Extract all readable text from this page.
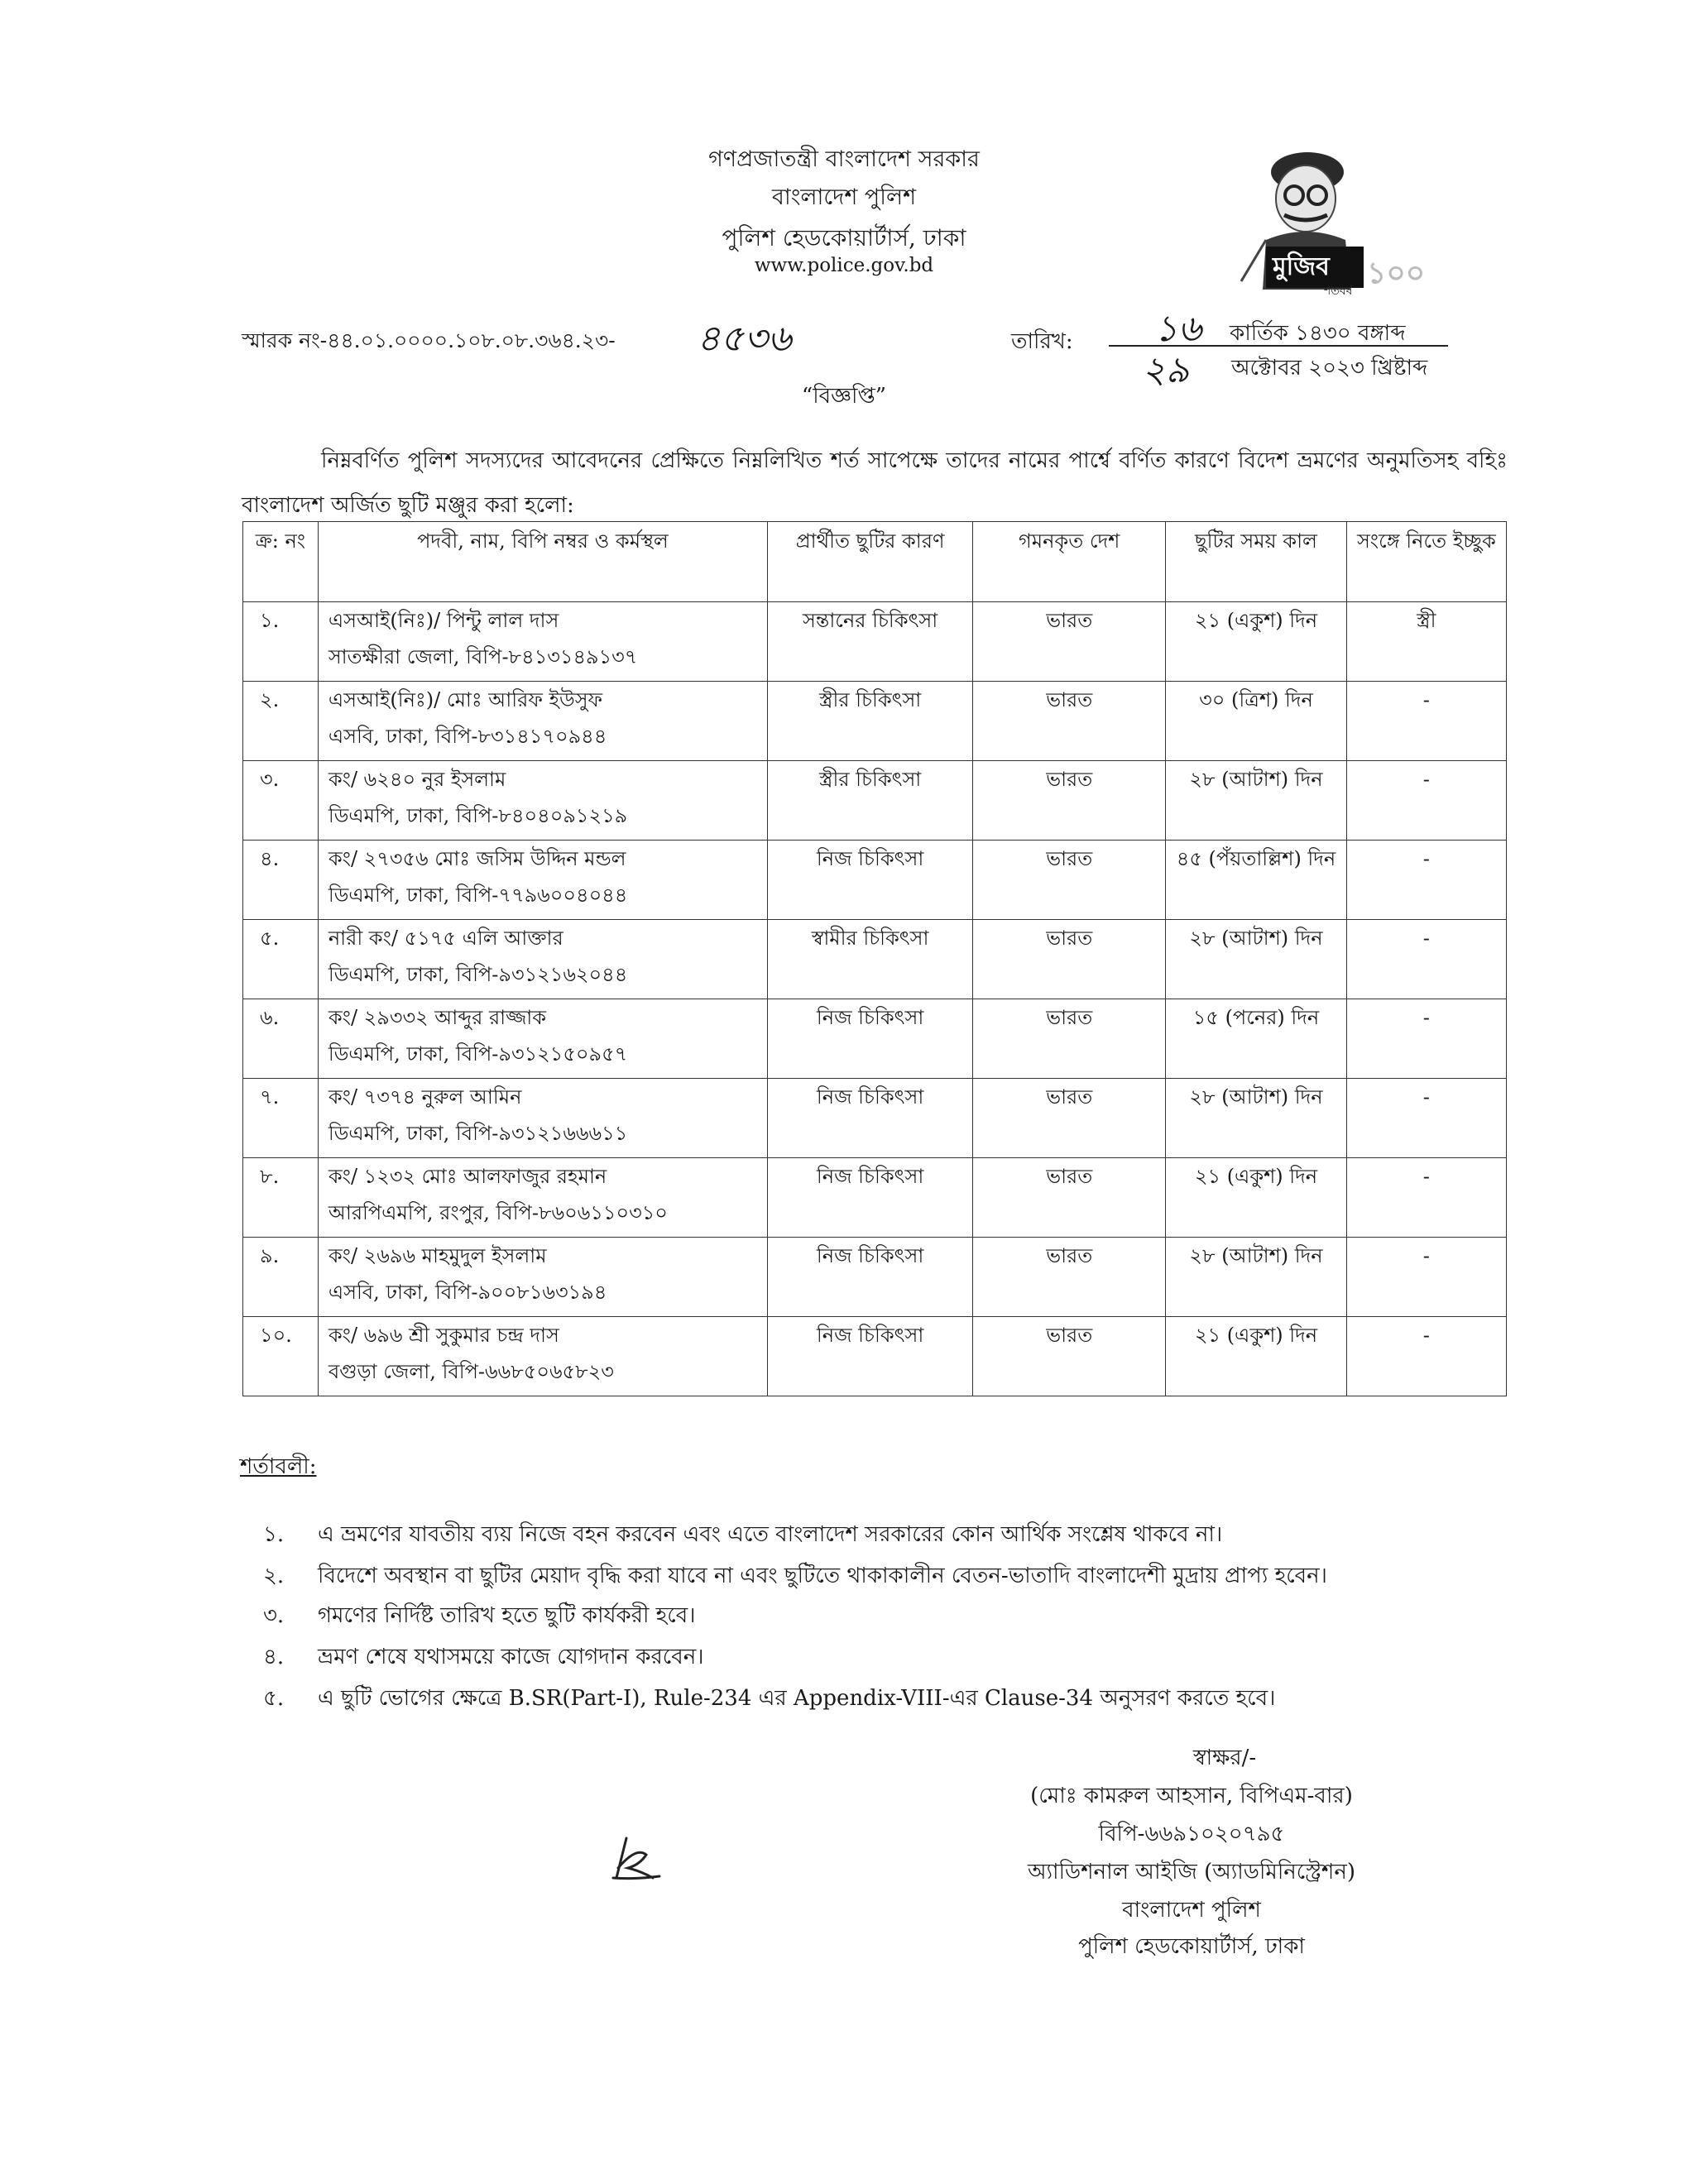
গণপ্রজাতন্ত্রী বাংলাদেশ সরকার
বাংলাদেশ পুলিশ
পুলিশ হেডকোয়ার্টার্স, ঢাকা
www.police.gov.bd	মুজিব ১০০
শতবর্ষ
স্মারক নং-৪৪.০১.০০০০.১০৮.০৮.৩৬৪.২৩- ৪৫৩৬	তারিখ: ১৬ কার্তিক ১৪৩০ বঙ্গাব্দ
২৯ অক্টোবর ২০২৩ খ্রিষ্টাব্দ
“বিজ্ঞপ্তি”
নিম্নবর্ণিত পুলিশ সদস্যদের আবেদনের প্রেক্ষিতে নিম্নলিখিত শর্ত সাপেক্ষে তাদের নামের পার্শ্বে বর্ণিত কারণে বিদেশ ভ্রমণের অনুমতিসহ বহিঃ বাংলাদেশ অর্জিত ছুটি মঞ্জুর করা হলো:
ক্র: নং	পদবী, নাম, বিপি নম্বর ও কর্মস্থল	প্রার্থীত ছুটির কারণ	গমনকৃত দেশ	ছুটির সময় কাল	সংঙ্গে নিতে ইচ্ছুক
১.	এসআই(নিঃ)/ পিন্টু লাল দাস
সাতক্ষীরা জেলা, বিপি-৮৪১৩১৪৯১৩৭	সন্তানের চিকিৎসা	ভারত	২১ (একুশ) দিন	স্ত্রী
২.	এসআই(নিঃ)/ মোঃ আরিফ ইউসুফ
এসবি, ঢাকা, বিপি-৮৩১৪১৭০৯৪৪	স্ত্রীর চিকিৎসা	ভারত	৩০ (ত্রিশ) দিন	-
৩.	কং/ ৬২৪০ নুর ইসলাম
ডিএমপি, ঢাকা, বিপি-৮৪০৪০৯১২১৯	স্ত্রীর চিকিৎসা	ভারত	২৮ (আটাশ) দিন	-
৪.	কং/ ২৭৩৫৬ মোঃ জসিম উদ্দিন মন্ডল
ডিএমপি, ঢাকা, বিপি-৭৭৯৬০০৪০৪৪	নিজ চিকিৎসা	ভারত	৪৫ (পঁয়তাল্লিশ) দিন	-
৫.	নারী কং/ ৫১৭৫ এলি আক্তার
ডিএমপি, ঢাকা, বিপি-৯৩১২১৬২০৪৪	স্বামীর চিকিৎসা	ভারত	২৮ (আটাশ) দিন	-
৬.	কং/ ২৯৩৩২ আব্দুর রাজ্জাক
ডিএমপি, ঢাকা, বিপি-৯৩১২১৫০৯৫৭	নিজ চিকিৎসা	ভারত	১৫ (পনের) দিন	-
৭.	কং/ ৭৩৭৪ নুরুল আমিন
ডিএমপি, ঢাকা, বিপি-৯৩১২১৬৬৬১১	নিজ চিকিৎসা	ভারত	২৮ (আটাশ) দিন	-
৮.	কং/ ১২৩২ মোঃ আলফাজুর রহমান
আরপিএমপি, রংপুর, বিপি-৮৬০৬১১০৩১০	নিজ চিকিৎসা	ভারত	২১ (একুশ) দিন	-
৯.	কং/ ২৬৯৬ মাহমুদুল ইসলাম
এসবি, ঢাকা, বিপি-৯০০৮১৬৩১৯৪	নিজ চিকিৎসা	ভারত	২৮ (আটাশ) দিন	-
১০.	কং/ ৬৯৬ শ্রী সুকুমার চন্দ্র দাস
বগুড়া জেলা, বিপি-৬৬৮৫০৬৫৮২৩	নিজ চিকিৎসা	ভারত	২১ (একুশ) দিন	-
শর্তাবলী:
১. এ ভ্রমণের যাবতীয় ব্যয় নিজে বহন করবেন এবং এতে বাংলাদেশ সরকারের কোন আর্থিক সংশ্লেষ থাকবে না।
২. বিদেশে অবস্থান বা ছুটির মেয়াদ বৃদ্ধি করা যাবে না এবং ছুটিতে থাকাকালীন বেতন-ভাতাদি বাংলাদেশী মুদ্রায় প্রাপ্য হবেন।
৩. গমণের নির্দিষ্ট তারিখ হতে ছুটি কার্যকরী হবে।
৪. ভ্রমণ শেষে যথাসময়ে কাজে যোগদান করবেন।
৫. এ ছুটি ভোগের ক্ষেত্রে B.SR(Part-I), Rule-234 এর Appendix-VIII-এর Clause-34 অনুসরণ করতে হবে।
স্বাক্ষর/-
(মোঃ কামরুল আহসান, বিপিএম-বার)
বিপি-৬৬৯১০২০৭৯৫
অ্যাডিশনাল আইজি (অ্যাডমিনিস্ট্রেশন)
বাংলাদেশ পুলিশ
পুলিশ হেডকোয়ার্টার্স, ঢাকা
